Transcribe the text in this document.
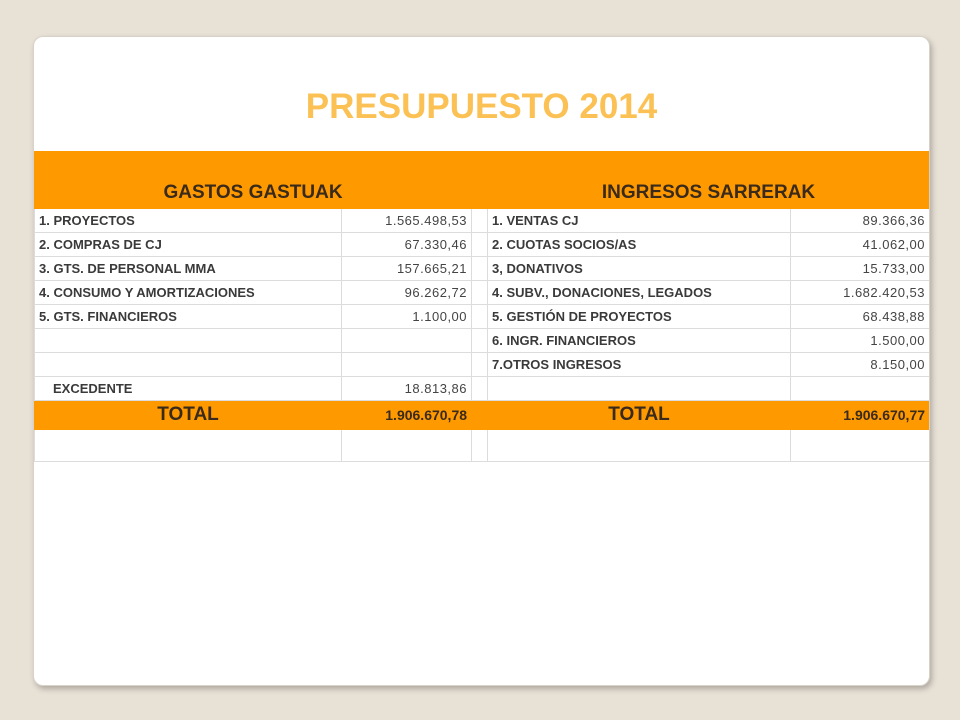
PRESUPUESTO 2014
GASTOS GASTUAK			INGRESOS SARRERAK	
1. PROYECTOS	1.565.498,53		1. VENTAS CJ	89.366,36
2. COMPRAS DE CJ	67.330,46		2. CUOTAS SOCIOS/AS	41.062,00
3. GTS. DE PERSONAL MMA	157.665,21		3, DONATIVOS	15.733,00
4. CONSUMO Y AMORTIZACIONES	96.262,72		4. SUBV., DONACIONES, LEGADOS	1.682.420,53
5. GTS. FINANCIEROS	1.100,00		5. GESTIÓN DE PROYECTOS	68.438,88
			6. INGR. FINANCIEROS	1.500,00
			7.OTROS INGRESOS	8.150,00
EXCEDENTE	18.813,86			
TOTAL	1.906.670,78		TOTAL	1.906.670,77
